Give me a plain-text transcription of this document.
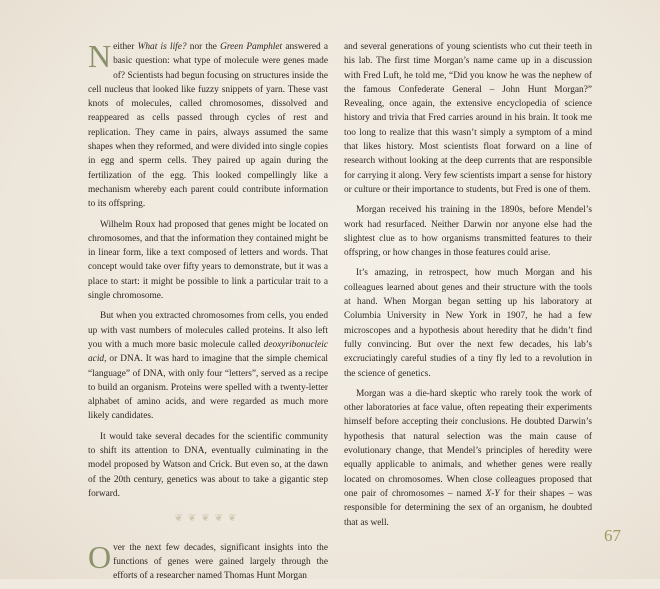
Neither What is life? nor the Green Pamphlet answered a basic question: what type of molecule were genes made of? Scientists had begun focusing on structures inside the cell nucleus that looked like fuzzy snippets of yarn. These vast knots of molecules, called chromosomes, dissolved and reappeared as cells passed through cycles of rest and replication. They came in pairs, always assumed the same shapes when they reformed, and were divided into single copies in egg and sperm cells. They paired up again during the fertilization of the egg. This looked compellingly like a mechanism whereby each parent could contribute information to its offspring.

Wilhelm Roux had proposed that genes might be located on chromosomes, and that the information they contained might be in linear form, like a text composed of letters and words. That concept would take over fifty years to demonstrate, but it was a place to start: it might be possible to link a particular trait to a single chromosome.

But when you extracted chromosomes from cells, you ended up with vast numbers of molecules called proteins. It also left you with a much more basic molecule called deoxyribonucleic acid, or DNA. It was hard to imagine that the simple chemical “language” of DNA, with only four “letters”, served as a recipe to build an organism. Proteins were spelled with a twenty-letter alphabet of amino acids, and were regarded as much more likely candidates.

It would take several decades for the scientific community to shift its attention to DNA, eventually culminating in the model proposed by Watson and Crick. But even so, at the dawn of the 20th century, genetics was about to take a gigantic step forward.

❦❦❦❦❦

Over the next few decades, significant insights into the functions of genes were gained largely through the efforts of a researcher named Thomas Hunt Morgan

and several generations of young scientists who cut their teeth in his lab. The first time Morgan’s name came up in a discussion with Fred Luft, he told me, “Did you know he was the nephew of the famous Confederate General – John Hunt Morgan?” Revealing, once again, the extensive encyclopedia of science history and trivia that Fred carries around in his brain. It took me too long to realize that this wasn’t simply a symptom of a mind that likes history. Most scientists float forward on a line of research without looking at the deep currents that are responsible for carrying it along. Very few scientists impart a sense for history or culture or their importance to students, but Fred is one of them.

Morgan received his training in the 1890s, before Mendel’s work had resurfaced. Neither Darwin nor anyone else had the slightest clue as to how organisms transmitted features to their offspring, or how changes in those features could arise.

It’s amazing, in retrospect, how much Morgan and his colleagues learned about genes and their structure with the tools at hand. When Morgan began setting up his laboratory at Columbia University in New York in 1907, he had a few microscopes and a hypothesis about heredity that he didn’t find fully convincing. But over the next few decades, his lab’s excruciatingly careful studies of a tiny fly led to a revolution in the science of genetics.

Morgan was a die-hard skeptic who rarely took the work of other laboratories at face value, often repeating their experiments himself before accepting their conclusions. He doubted Darwin’s hypothesis that natural selection was the main cause of evolutionary change, that Mendel’s principles of heredity were equally applicable to animals, and whether genes were really located on chromosomes. When close colleagues proposed that one pair of chromosomes – named X-Y for their shapes – was responsible for determining the sex of an organism, he doubted that as well.

67
